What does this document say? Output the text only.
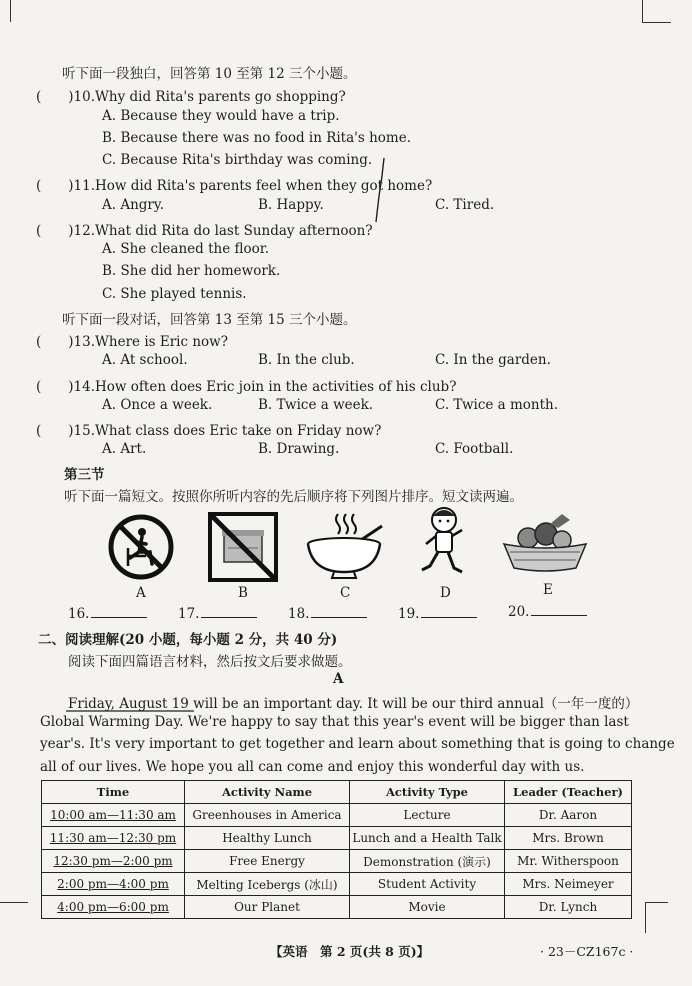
听下面一段独白，回答第 10 至第 12 三个小题。
(　　)10.Why did Rita's parents go shopping?
A. Because they would have a trip.
B. Because there was no food in Rita's home.
C. Because Rita's birthday was coming.
(　　)11.How did Rita's parents feel when they got home?
A. Angry.	B. Happy.	C. Tired.
(　　)12.What did Rita do last Sunday afternoon?
A. She cleaned the floor.
B. She did her homework.
C. She played tennis.
听下面一段对话，回答第 13 至第 15 三个小题。
(　　)13.Where is Eric now?
A. At school.	B. In the club.	C. In the garden.
(　　)14.How often does Eric join in the activities of his club?
A. Once a week.	B. Twice a week.	C. Twice a month.
(　　)15.What class does Eric take on Friday now?
A. Art.	B. Drawing.	C. Football.
第三节
听下面一篇短文。按照你所听内容的先后顺序将下列图片排序。短文读两遍。
A	B	C	D	E
16.	17.	18.	19.	20.
二、阅读理解(20 小题，每小题 2 分，共 40 分)
阅读下面四篇语言材料，然后按文后要求做题。
A
Friday, August 19 will be an important day. It will be our third annual（一年一度的）
Global Warming Day. We're happy to say that this year's event will be bigger than last
year's. It's very important to get together and learn about something that is going to change
all of our lives. We hope you all can come and enjoy this wonderful day with us.
Time	Activity Name	Activity Type	Leader (Teacher)
10:00 am—11:30 am	Greenhouses in America	Lecture	Dr. Aaron
11:30 am—12:30 pm	Healthy Lunch	Lunch and a Health Talk	Mrs. Brown
12:30 pm—2:00 pm	Free Energy	Demonstration (演示)	Mr. Witherspoon
2:00 pm—4:00 pm	Melting Icebergs (冰山)	Student Activity	Mrs. Neimeyer
4:00 pm—6:00 pm	Our Planet	Movie	Dr. Lynch
【英语　第 2 页(共 8 页)】	· 23－CZ167c ·
